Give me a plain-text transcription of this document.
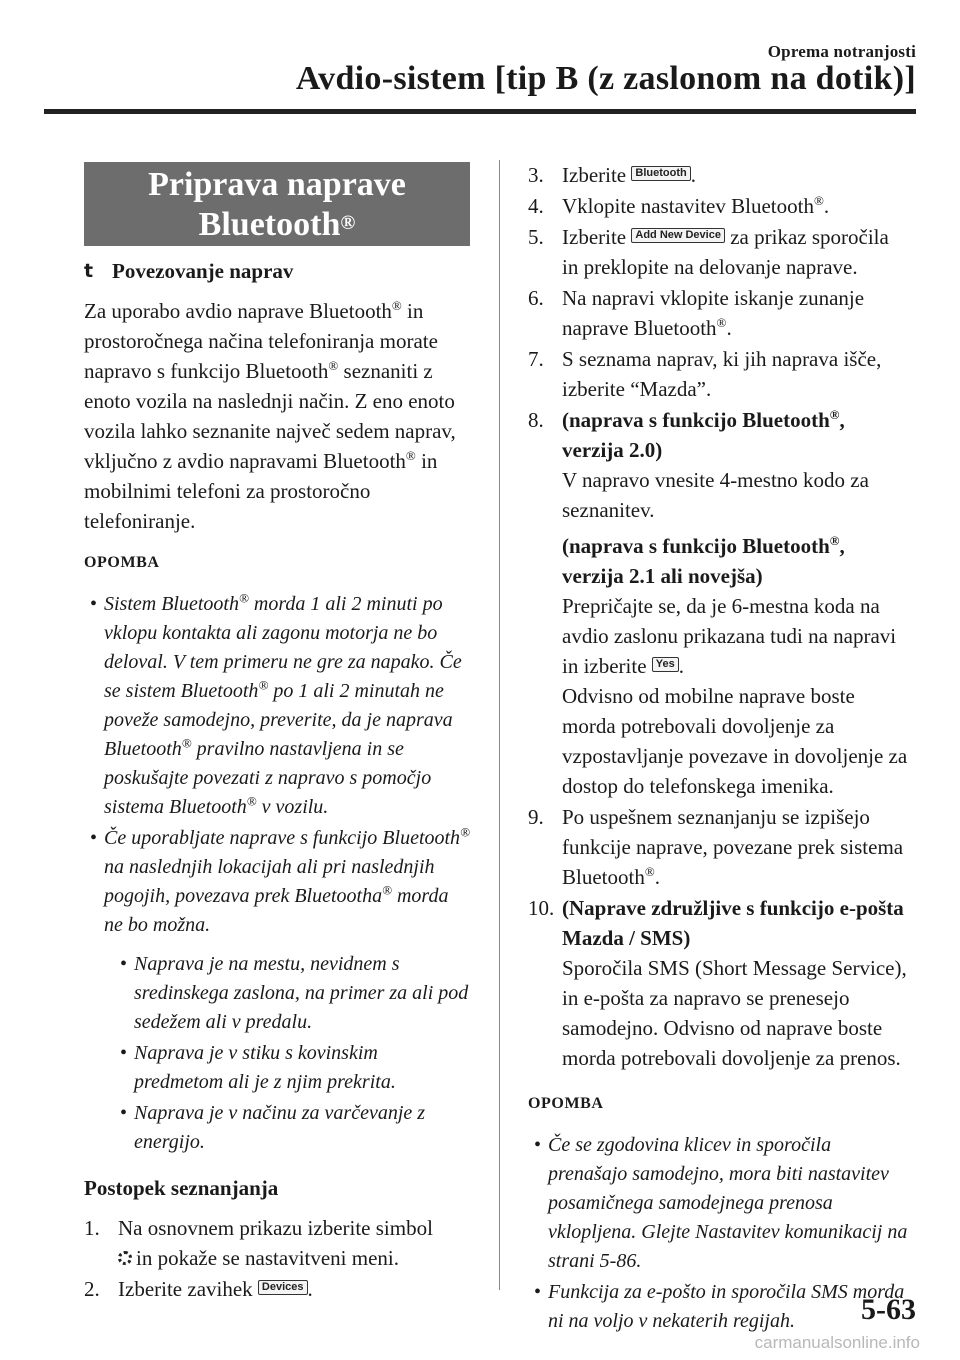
Oprema notranjosti
Avdio-sistem [tip B (z zaslonom na dotik)]
Priprava naprave
Bluetooth®
t Povezovanje naprav

Za uporabo avdio naprave Bluetooth® in prostoročnega načina telefoniranja morate napravo s funkcijo Bluetooth® seznaniti z enoto vozila na naslednji način. Z eno enoto vozila lahko seznanite največ sedem naprav, vključno z avdio napravami Bluetooth® in mobilnimi telefoni za prostoročno telefoniranje.

OPOMBA
• Sistem Bluetooth® morda 1 ali 2 minuti po vklopu kontakta ali zagonu motorja ne bo deloval. V tem primeru ne gre za napako. Če se sistem Bluetooth® po 1 ali 2 minutah ne poveže samodejno, preverite, da je naprava Bluetooth® pravilno nastavljena in se poskušajte povezati z napravo s pomočjo sistema Bluetooth® v vozilu.
• Če uporabljate naprave s funkcijo Bluetooth® na naslednjih lokacijah ali pri naslednjih pogojih, povezava prek Bluetootha® morda ne bo možna.
• Naprava je na mestu, nevidnem s sredinskega zaslona, na primer za ali pod sedežem ali v predalu.
• Naprava je v stiku s kovinskim predmetom ali je z njim prekrita.
• Naprava je v načinu za varčevanje z energijo.
Postopek seznanjanja
1. Na osnovnem prikazu izberite simbol
in pokaže se nastavitveni meni.
2. Izberite zavihek Devices .
3. Izberite Bluetooth .
4. Vklopite nastavitev Bluetooth®.
5. Izberite Add New Device za prikaz sporočila in preklopite na delovanje naprave.
6. Na napravi vklopite iskanje zunanje naprave Bluetooth®.
7. S seznama naprav, ki jih naprava išče, izberite “Mazda”.
8. (naprava s funkcijo Bluetooth®, verzija 2.0)
V napravo vnesite 4-mestno kodo za seznanitev.
(naprava s funkcijo Bluetooth®, verzija 2.1 ali novejša)
Prepričajte se, da je 6-mestna koda na avdio zaslonu prikazana tudi na napravi in izberite Yes .
Odvisno od mobilne naprave boste morda potrebovali dovoljenje za vzpostavljanje povezave in dovoljenje za dostop do telefonskega imenika.
9. Po uspešnem seznanjanju se izpišejo funkcije naprave, povezane prek sistema Bluetooth®.
10. (Naprave združljive s funkcijo e-pošta Mazda / SMS)
Sporočila SMS (Short Message Service), in e-pošta za napravo se prenesejo samodejno. Odvisno od naprave boste morda potrebovali dovoljenje za prenos.
OPOMBA
• Če se zgodovina klicev in sporočila prenašajo samodejno, mora biti nastavitev posamičnega samodejnega prenosa vklopljena. Glejte Nastavitev komunikacij na strani 5-86.
• Funkcija za e-pošto in sporočila SMS morda ni na voljo v nekaterih regijah.	5-63
carmanualsonline.info
